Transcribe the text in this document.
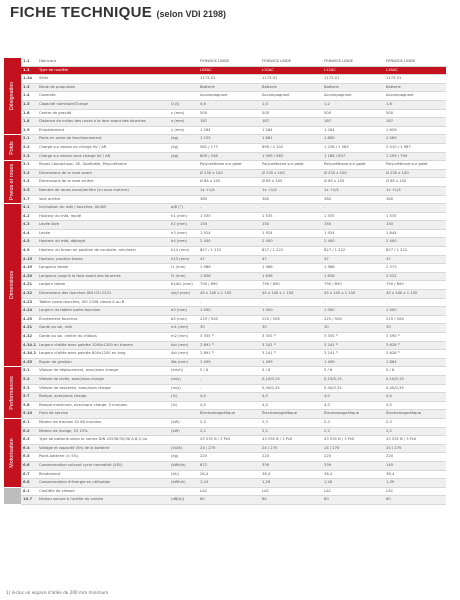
FICHE TECHNIQUE (selon VDI 2198)
Désignation	1.1	Fabricant		FENWICK LINDE	FENWICK LINDE	FENWICK LINDE	FENWICK LINDE
	1.2	Type de modèle		L06AC	L10AC	L12AC	L16AC
	1.2a	Série		1173-01	1173-01	1173-01	1173-01
	1.3	Mode de propulsion		Batterie	Batterie	Batterie	Batterie
	1.4	Conduite		Accompagnant	Accompagnant	Accompagnant	Accompagnant
	1.5	Capacité nominale/Charge	Q (t)	0,6	1,0	1,2	1,6
	1.6	Centre de gravité	c (mm)	500	500	500	500
	1.8	Distance du milieu des roues à la face avant des fourches	x (mm)	187	187	187	187
	1.9	Empattement	y (mm)	1 264	1 264	1 264	1 626

Poids	2.1	Poids en ordre de fonctionnement	(kg)	1 155	1 661	1 865	2 065
	2.2	Charge sur essieu en charge AV / AR	(kg)	582 / 173	699 / 2 142	1 226 / 1 563	2 010 / 1 987
	2.3	Charge sur essieu sans charge AV / AR	(kg)	809 / 346	1 099 / 562	1 168 / 697	1 295 / 790

Pneus et roues	3.1	Roues Caoutchouc, SE, Gonflable, Polyuréthane		Polyuréthane sur galet	Polyuréthane sur galet	Polyuréthane sur galet	Polyuréthane sur galet
	3.2	Dimensions de la roue avant		Ø 230 x 100	Ø 230 x 100	Ø 230 x 100	Ø 230 x 100
	3.3	Dimensions de la roue arrière		Ø 85 x 105	Ø 85 x 105	Ø 85 x 105	Ø 85 x 105
	3.5	Nombre de roues avant/arrière (x=roue motrice)		1x +1/4	1x +1/4	1x +1/4	1x +1/4
	3.7	Voie arrière		380	380	380	380

Dimensions	4.1	Inclinaison du mât / fourches, AV/AR	α/β (°)	-	-	-	-
	4.2	Hauteur du mât, replié	h1 (mm)	1 535	1 535	1 535	1 535
	4.3	Levée libre	h2 (mm)	150	150	150	150
	4.4	Levée	h3 (mm)	1 924	1 924	1 924	1 844
	4.5	Hauteur du mât, déployé	h4 (mm)	2 400	2 400	2 400	2 400
	4.9	Hauteur du timon en position de conduite, min/maxi	h14 (mm)	827 / 1 222	827 / 1 222	827 / 1 222	827 / 1 222
	4.15	Hauteur, position basse	h13 (mm)	47	47	47	47
	4.19	Longueur totale	l1 (mm)	1 986	1 986	1 986	2 373
	4.20	Longueur jusqu'à la face avant des fourches	l2 (mm)	1 636	1 636	1 636	2 022
	4.21	Largeur totale	b1/b2 (mm)	790 / 890	790 / 890	790 / 890	790 / 890
	4.22	Dimensions des fourches DIN ISO 2331	s/e/l (mm)	45 x 100 x 1 150	45 x 100 x 1 150	45 x 100 x 1 150	45 x 100 x 1 150
	4.23	Tablier porte-fourches, ISO 2328 classe A ou B		-	-	-	-
	4.24	Largeur du tablier porte-fourches	b3 (mm)	1 000	1 000	1 000	1 000
	4.25	Écartement fourches	b5 (mm)	225 / 926	225 / 926	225 / 926	225 / 926
	4.31	Garde au sol, mât	m1 (mm)	30	30	30	30
	4.32	Garde au sol, centre du châssis	m2 (mm)	3 355 ¹⁾	3 355 ¹⁾	3 355 ¹⁾	3 490 ¹⁾
	4.34.1	Largeur d'allée avec palette 1000x1200 en travers	Ast (mm)	2 891 ¹⁾	3 241 ¹⁾	3 241 ¹⁾	3 628 ¹⁾
	4.34.2	Largeur d'allée avec palette 800x1200 en long	Ast (mm)	2 891 ¹⁾	3 241 ¹⁾	3 241 ¹⁾	3 628 ¹⁾
	4.35	Rayon de giration	Wa (mm)	1 499	1 499	1 499	1 864

Performances	5.1	Vitesse de déplacement, avec/sans charge	(km/h)	5 / 6	5 / 6	5 / 6	5 / 6
	5.2	Vitesse de levée, avec/sans charge	(m/s)	-	0,10/0,15	0,10/0,15	0,10/0,15
	5.3	Vitesse de descente, avec/sans charge	(m/s)	-	0,40/0,35	0,40/0,35	0,40/0,35
	5.7	Rampe, avec/sans charge	(%)	4,0	4,0	4,0	4,0
	5.8	Rampe maximum, avec/sans charge, 5 minutes	(%)	4,0	4,0	4,0	4,0
	5.10	Frein de service		Électromagnétique	Électromagnétique	Électromagnétique	Électromagnétique

Motorisation	6.1	Moteur de traction S2 60 minutes	(kW)	2,3	2,3	2,3	2,3
	6.2	Moteur de levage, S3 15%	(kW)	2,2	2,2	2,2	2,2
	6.3	Type de batterie selon la norme DIN 43536/35/36 A,B,C,no		43 535 B / 3 PzS	43 535 B / 3 PzS	43 535 B / 3 PzS	43 535 B / 3 PzS
	6.4	Voltage et capacité (5h) de la batterie	(V/Ah)	24 / 270	24 / 270	24 / 270	24 / 270
	6.5	Poids batterie (± 5%)	(kg)	220	220	220	220
	6.6	Consommation suivant cycle normalisé (VDI)	(kWh/h)	672	339	339	145
	6.7	Rendement	(t/h)	26,4	38,4	38,4	38,4
	6.8	Consommation d'énergie en utilisation	(kWh/h)	1,24	1,26	1,26	1,39

	8.1	Contrôle de vitesse		LAC	LAC	LAC	LAC
	10.7	Niveau sonore à l'oreille du cariste	(dB(A))	60	60	60	60
1) inclus un espace d'allée de 200 mm minimum
